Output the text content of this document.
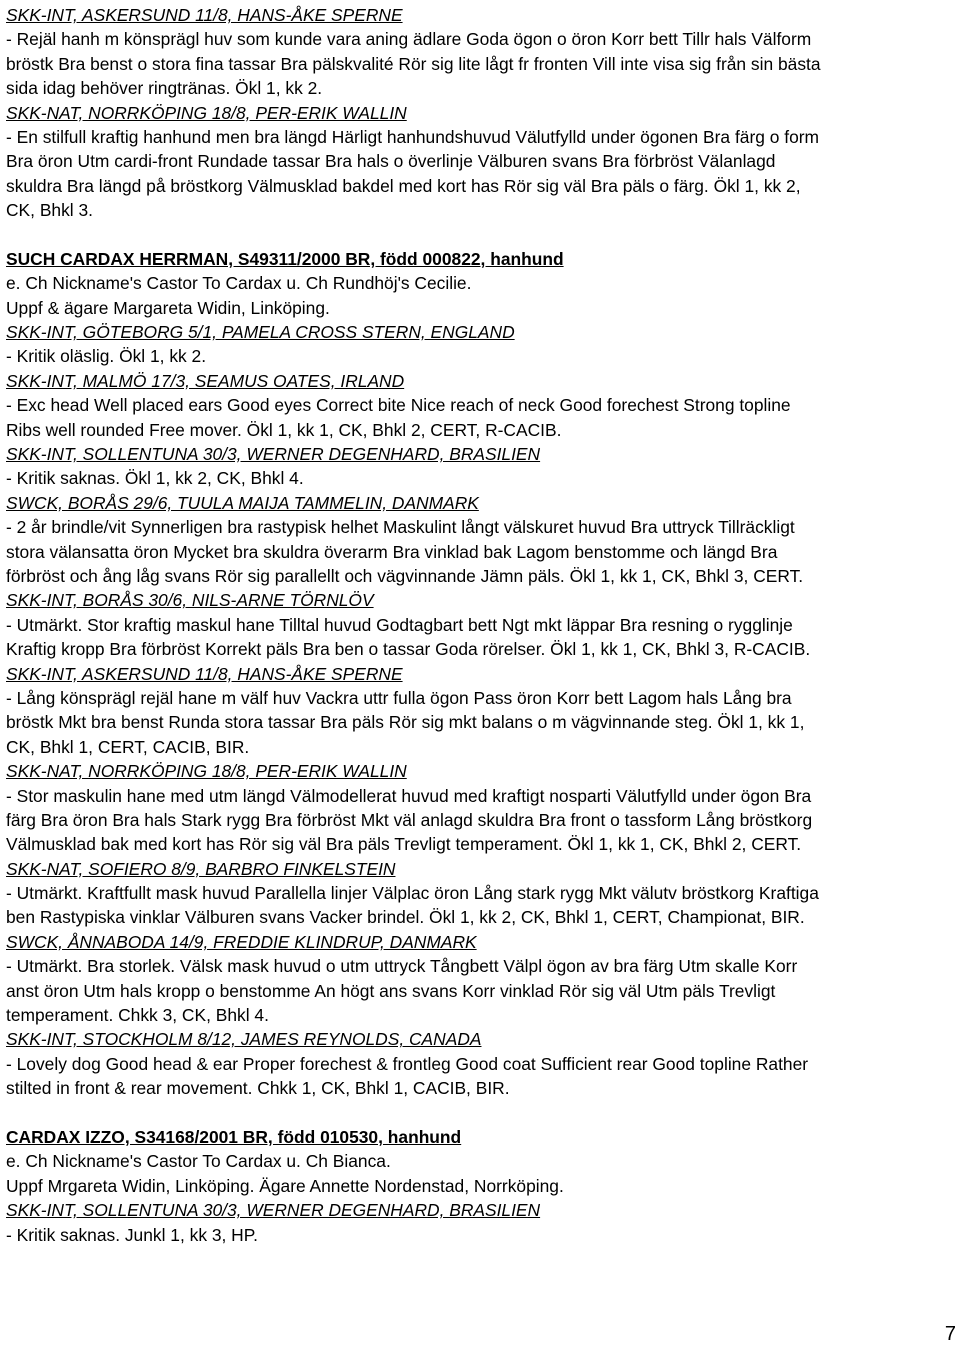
SKK-INT, ASKERSUND 11/8, HANS-ÅKE SPERNE
- Rejäl hanh m könsprägl huv som kunde vara aning ädlare Goda ögon o öron Korr bett Tillr hals Välform
bröstk Bra benst o stora fina tassar Bra pälskvalité Rör sig lite lågt fr fronten Vill inte visa sig från sin bästa
sida idag behöver ringtränas. Ökl 1, kk 2.
SKK-NAT, NORRKÖPING 18/8, PER-ERIK WALLIN
- En stilfull kraftig hanhund men bra längd Härligt hanhundshuvud Välutfylld under ögonen Bra färg o form
Bra öron Utm cardi-front Rundade tassar Bra hals o överlinje Välburen svans Bra förbröst Välanlagd
skuldra Bra längd på bröstkorg Välmusklad bakdel med kort has Rör sig väl Bra päls o färg. Ökl 1, kk 2,
CK, Bhkl 3.
SUCH CARDAX HERRMAN, S49311/2000 BR, född 000822, hanhund
e. Ch Nickname's Castor To Cardax u. Ch Rundhöj's Cecilie.
Uppf & ägare Margareta Widin, Linköping.
SKK-INT, GÖTEBORG 5/1, PAMELA CROSS STERN, ENGLAND
- Kritik oläslig. Ökl 1, kk 2.
SKK-INT, MALMÖ 17/3, SEAMUS OATES, IRLAND
- Exc head Well placed ears Good eyes Correct bite Nice reach of neck Good forechest Strong topline
Ribs well rounded Free mover. Ökl 1, kk 1, CK, Bhkl 2, CERT, R-CACIB.
SKK-INT, SOLLENTUNA 30/3, WERNER DEGENHARD, BRASILIEN
- Kritik saknas. Ökl 1, kk 2, CK, Bhkl 4.
SWCK, BORÅS 29/6, TUULA MAIJA TAMMELIN, DANMARK
- 2 år brindle/vit Synnerligen bra rastypisk helhet Maskulint långt välskuret huvud Bra uttryck Tillräckligt
stora välansatta öron Mycket bra skuldra överarm Bra vinklad bak Lagom benstomme och längd Bra
förbröst och ång låg svans Rör sig parallellt och vägvinnande Jämn päls. Ökl 1, kk 1, CK, Bhkl 3, CERT.
SKK-INT, BORÅS 30/6, NILS-ARNE TÖRNLÖV
- Utmärkt. Stor kraftig maskul hane Tilltal huvud Godtagbart bett Ngt mkt läppar Bra resning o rygglinje
Kraftig kropp Bra förbröst Korrekt päls Bra ben o tassar Goda rörelser. Ökl 1, kk 1, CK, Bhkl 3, R-CACIB.
SKK-INT, ASKERSUND 11/8, HANS-ÅKE SPERNE
- Lång könsprägl rejäl hane m välf huv Vackra uttr fulla ögon Pass öron Korr bett Lagom hals Lång bra
bröstk Mkt bra benst Runda stora tassar Bra päls Rör sig mkt balans o m vägvinnande steg. Ökl 1, kk 1,
CK, Bhkl 1, CERT, CACIB, BIR.
SKK-NAT, NORRKÖPING 18/8, PER-ERIK WALLIN
- Stor maskulin hane med utm längd Välmodellerat huvud med kraftigt nosparti Välutfylld under ögon Bra
färg Bra öron Bra hals Stark rygg Bra förbröst Mkt väl anlagd skuldra Bra front o tassform Lång bröstkorg
Välmusklad bak med kort has Rör sig väl Bra päls Trevligt temperament. Ökl 1, kk 1, CK, Bhkl 2, CERT.
SKK-NAT, SOFIERO 8/9, BARBRO FINKELSTEIN
- Utmärkt. Kraftfullt mask huvud Parallella linjer Välplac öron Lång stark rygg Mkt välutv bröstkorg Kraftiga
ben Rastypiska vinklar Välburen svans Vacker brindel. Ökl 1, kk 2, CK, Bhkl 1, CERT, Championat, BIR.
SWCK, ÅNNABODA 14/9, FREDDIE KLINDRUP, DANMARK
- Utmärkt. Bra storlek. Välsk mask huvud o utm uttryck Tångbett Välpl ögon av bra färg Utm skalle Korr
anst öron Utm hals kropp o benstomme An högt ans svans Korr vinklad Rör sig väl Utm päls Trevligt
temperament. Chkk 3, CK, Bhkl 4.
SKK-INT, STOCKHOLM 8/12, JAMES REYNOLDS, CANADA
- Lovely dog Good head & ear Proper forechest & frontleg Good coat Sufficient rear Good topline Rather
stilted in front & rear movement. Chkk 1, CK, Bhkl 1, CACIB, BIR.
CARDAX IZZO, S34168/2001 BR, född 010530, hanhund
e. Ch Nickname's Castor To Cardax u. Ch Bianca.
Uppf Mrgareta Widin, Linköping. Ägare Annette Nordenstad, Norrköping.
SKK-INT, SOLLENTUNA 30/3, WERNER DEGENHARD, BRASILIEN
- Kritik saknas. Junkl 1, kk 3, HP.
7
